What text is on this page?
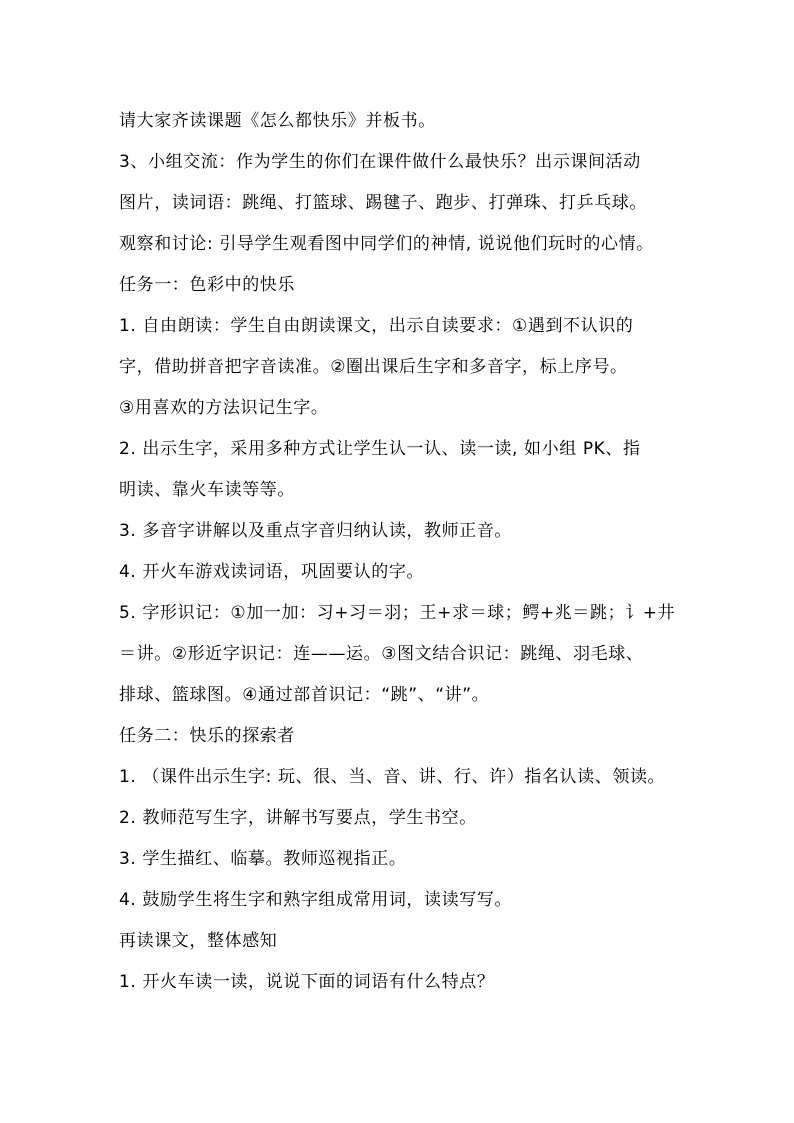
请大家齐读课题《怎么都快乐》并板书。

3、小组交流：作为学生的你们在课件做什么最快乐？出示课间活动

图片，读词语：跳绳、打篮球、踢毽子、跑步、打弹珠、打乒乓球。

观察和讨论: 引导学生观看图中同学们的神情, 说说他们玩时的心情。

任务一：色彩中的快乐

1. 自由朗读：学生自由朗读课文，出示自读要求：①遇到不认识的

字，借助拼音把字音读准。②圈出课后生字和多音字，标上序号。

③用喜欢的方法识记生字。

2. 出示生字，采用多种方式让学生认一认、读一读, 如小组 PK、指

明读、靠火车读等等。

3. 多音字讲解以及重点字音归纳认读，教师正音。

4. 开火车游戏读词语，巩固要认的字。

5. 字形识记：①加一加：习+习＝羽；王+求＝球；鳄+兆＝跳；讠+井

＝讲。②形近字识记：连——运。③图文结合识记：跳绳、羽毛球、

排球、篮球图。④通过部首识记：“跳”、“讲”。

任务二：快乐的探索者

1. （课件出示生字: 玩、很、当、音、讲、行、许）指名认读、领读。

2. 教师范写生字，讲解书写要点，学生书空。

3. 学生描红、临摹。教师巡视指正。

4. 鼓励学生将生字和熟字组成常用词，读读写写。

再读课文，整体感知

1. 开火车读一读，说说下面的词语有什么特点？
